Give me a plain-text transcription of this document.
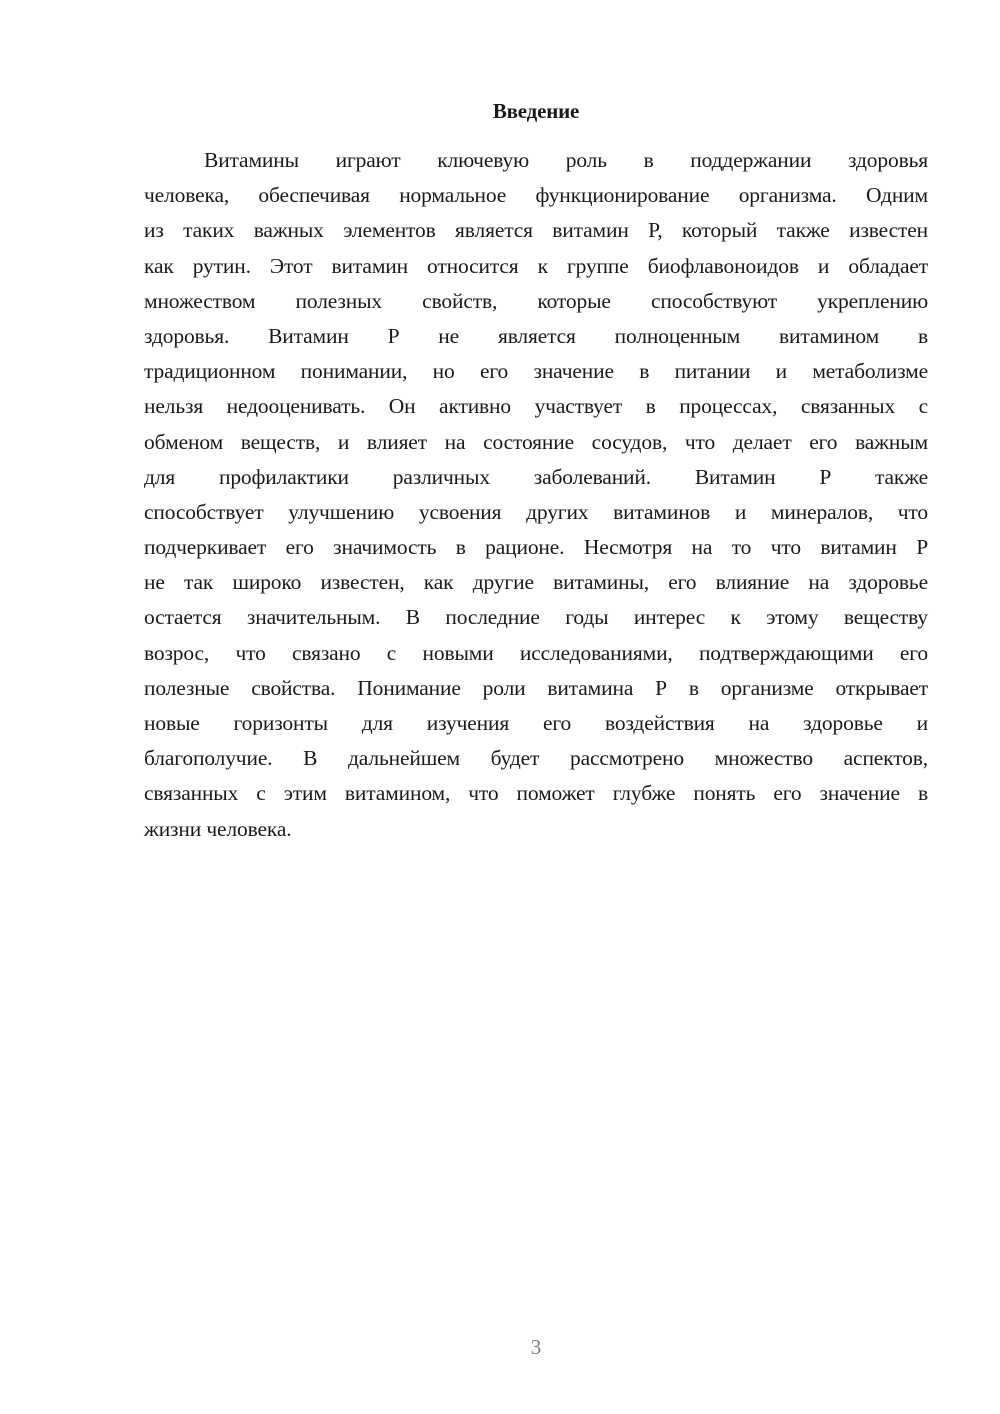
Введение
Витамины играют ключевую роль в поддержании здоровья
человека, обеспечивая нормальное функционирование организма. Одним
из таких важных элементов является витамин Р, который также известен
как рутин. Этот витамин относится к группе биофлавоноидов и обладает
множеством полезных свойств, которые способствуют укреплению
здоровья. Витамин Р не является полноценным витамином в
традиционном понимании, но его значение в питании и метаболизме
нельзя недооценивать. Он активно участвует в процессах, связанных с
обменом веществ, и влияет на состояние сосудов, что делает его важным
для профилактики различных заболеваний. Витамин Р также
способствует улучшению усвоения других витаминов и минералов, что
подчеркивает его значимость в рационе. Несмотря на то что витамин Р
не так широко известен, как другие витамины, его влияние на здоровье
остается значительным. В последние годы интерес к этому веществу
возрос, что связано с новыми исследованиями, подтверждающими его
полезные свойства. Понимание роли витамина Р в организме открывает
новые горизонты для изучения его воздействия на здоровье и
благополучие. В дальнейшем будет рассмотрено множество аспектов,
связанных с этим витамином, что поможет глубже понять его значение в
жизни человека.
3
